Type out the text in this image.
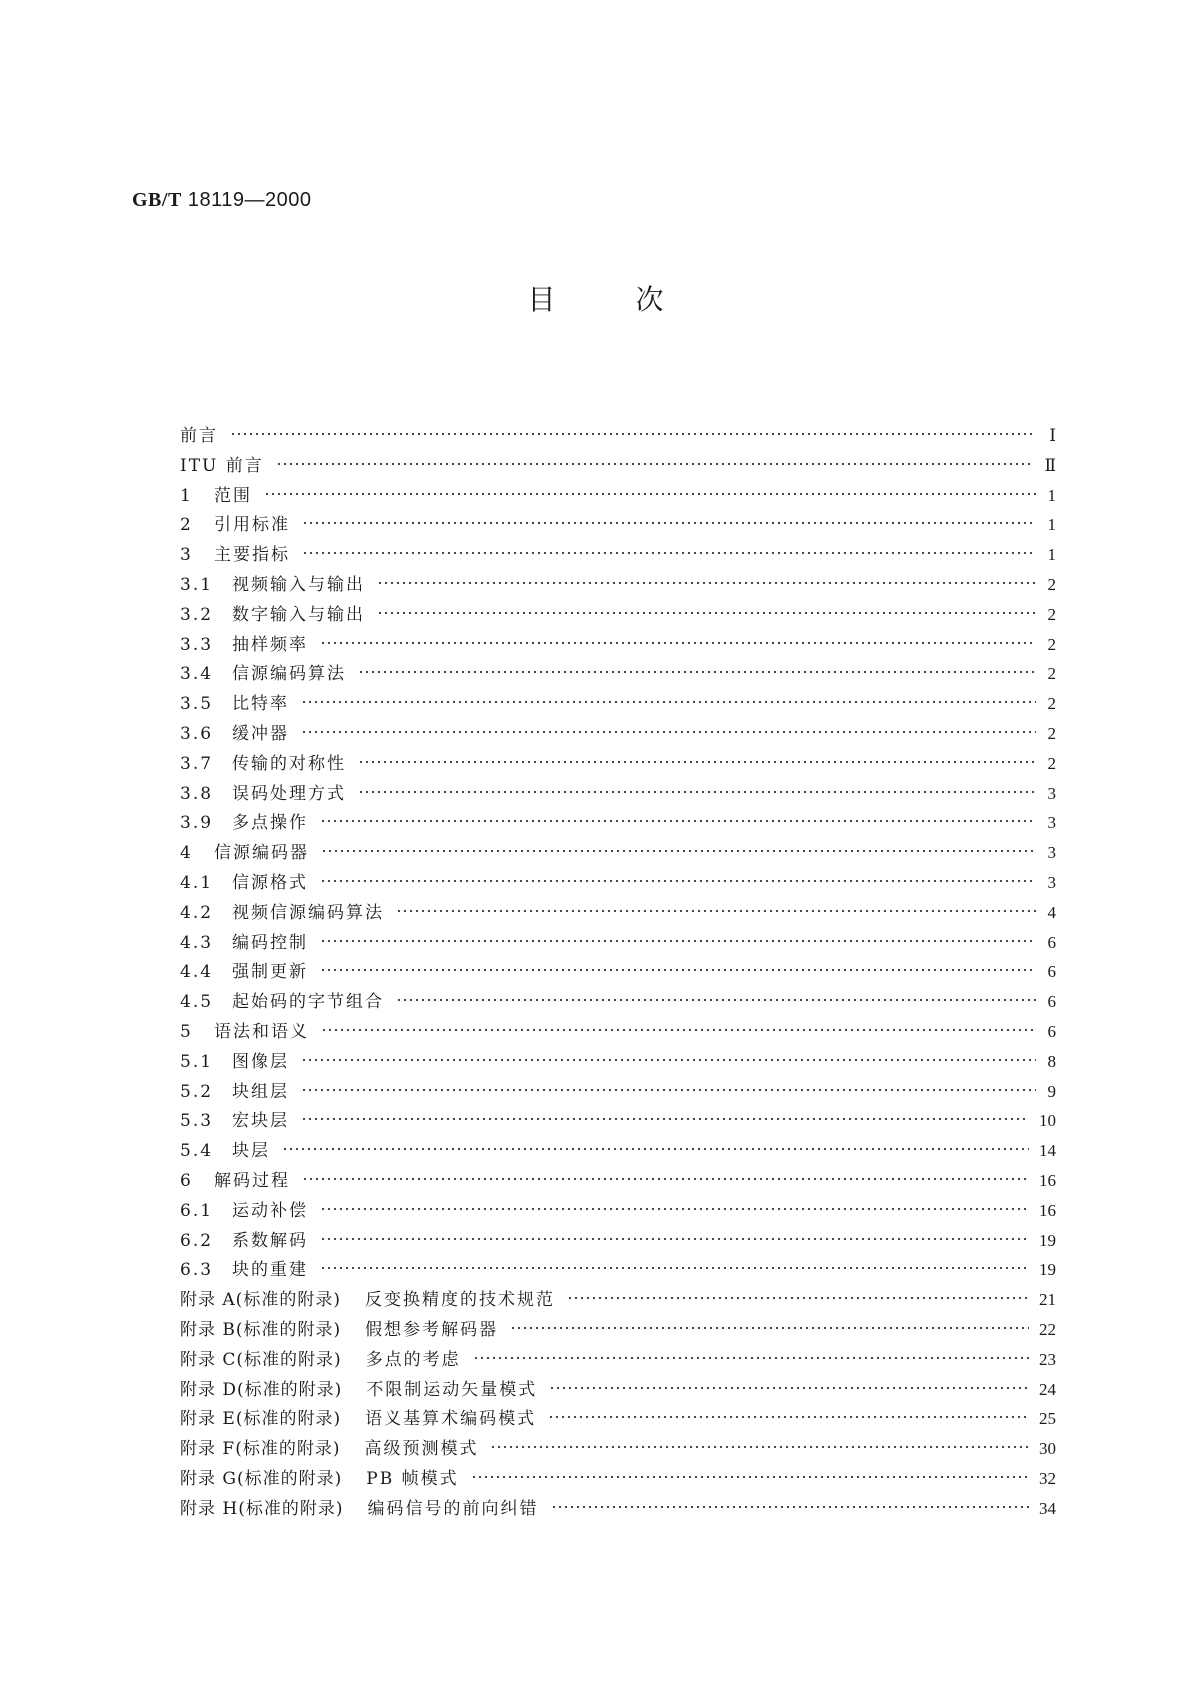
GB/T 18119—2000
目次
前言	Ⅰ
ITU 前言	Ⅱ
1	范围	1
2	引用标准	1
3	主要指标	1
3.1	视频输入与输出	2
3.2	数字输入与输出	2
3.3	抽样频率	2
3.4	信源编码算法	2
3.5	比特率	2
3.6	缓冲器	2
3.7	传输的对称性	2
3.8	误码处理方式	3
3.9	多点操作	3
4	信源编码器	3
4.1	信源格式	3
4.2	视频信源编码算法	4
4.3	编码控制	6
4.4	强制更新	6
4.5	起始码的字节组合	6
5	语法和语义	6
5.1	图像层	8
5.2	块组层	9
5.3	宏块层	10
5.4	块层	14
6	解码过程	16
6.1	运动补偿	16
6.2	系数解码	19
6.3	块的重建	19
附录 A(标准的附录) 反变换精度的技术规范	21
附录 B(标准的附录) 假想参考解码器	22
附录 C(标准的附录) 多点的考虑	23
附录 D(标准的附录) 不限制运动矢量模式	24
附录 E(标准的附录) 语义基算术编码模式	25
附录 F(标准的附录) 高级预测模式	30
附录 G(标准的附录) PB 帧模式	32
附录 H(标准的附录) 编码信号的前向纠错	34
